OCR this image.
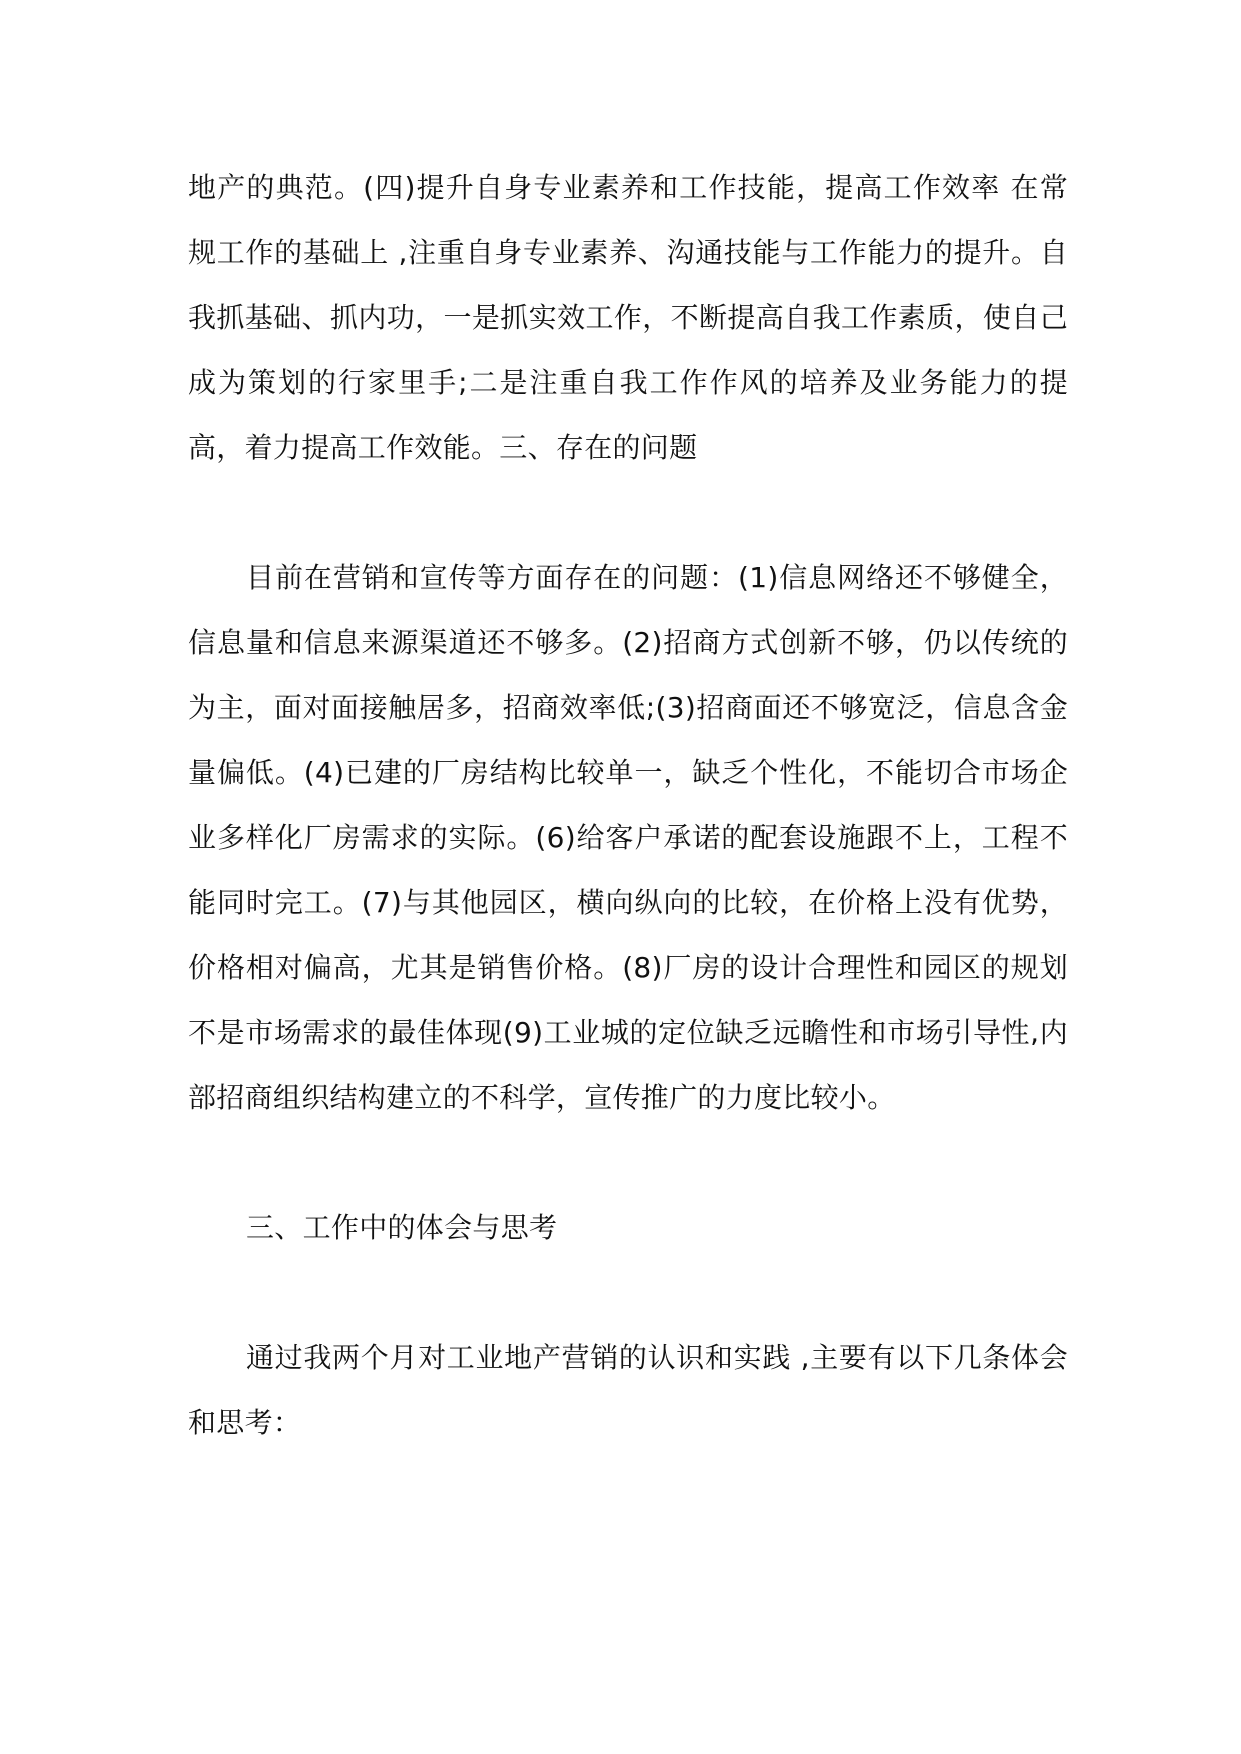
地产的典范。(四)提升自身专业素养和工作技能，提高工作效率 在常规工作的基础上 ,注重自身专业素养、沟通技能与工作能力的提升。自我抓基础、抓内功，一是抓实效工作，不断提高自我工作素质，使自己成为策划的行家里手;二是注重自我工作作风的培养及业务能力的提高，着力提高工作效能。三、存在的问题

目前在营销和宣传等方面存在的问题：(1)信息网络还不够健全，信息量和信息来源渠道还不够多。(2)招商方式创新不够，仍以传统的为主，面对面接触居多，招商效率低;(3)招商面还不够宽泛，信息含金量偏低。(4)已建的厂房结构比较单一，缺乏个性化，不能切合市场企业多样化厂房需求的实际。(6)给客户承诺的配套设施跟不上，工程不能同时完工。(7)与其他园区，横向纵向的比较，在价格上没有优势，价格相对偏高，尤其是销售价格。(8)厂房的设计合理性和园区的规划不是市场需求的最佳体现(9)工业城的定位缺乏远瞻性和市场引导性,内部招商组织结构建立的不科学，宣传推广的力度比较小。

三、工作中的体会与思考

通过我两个月对工业地产营销的认识和实践 ,主要有以下几条体会和思考：
